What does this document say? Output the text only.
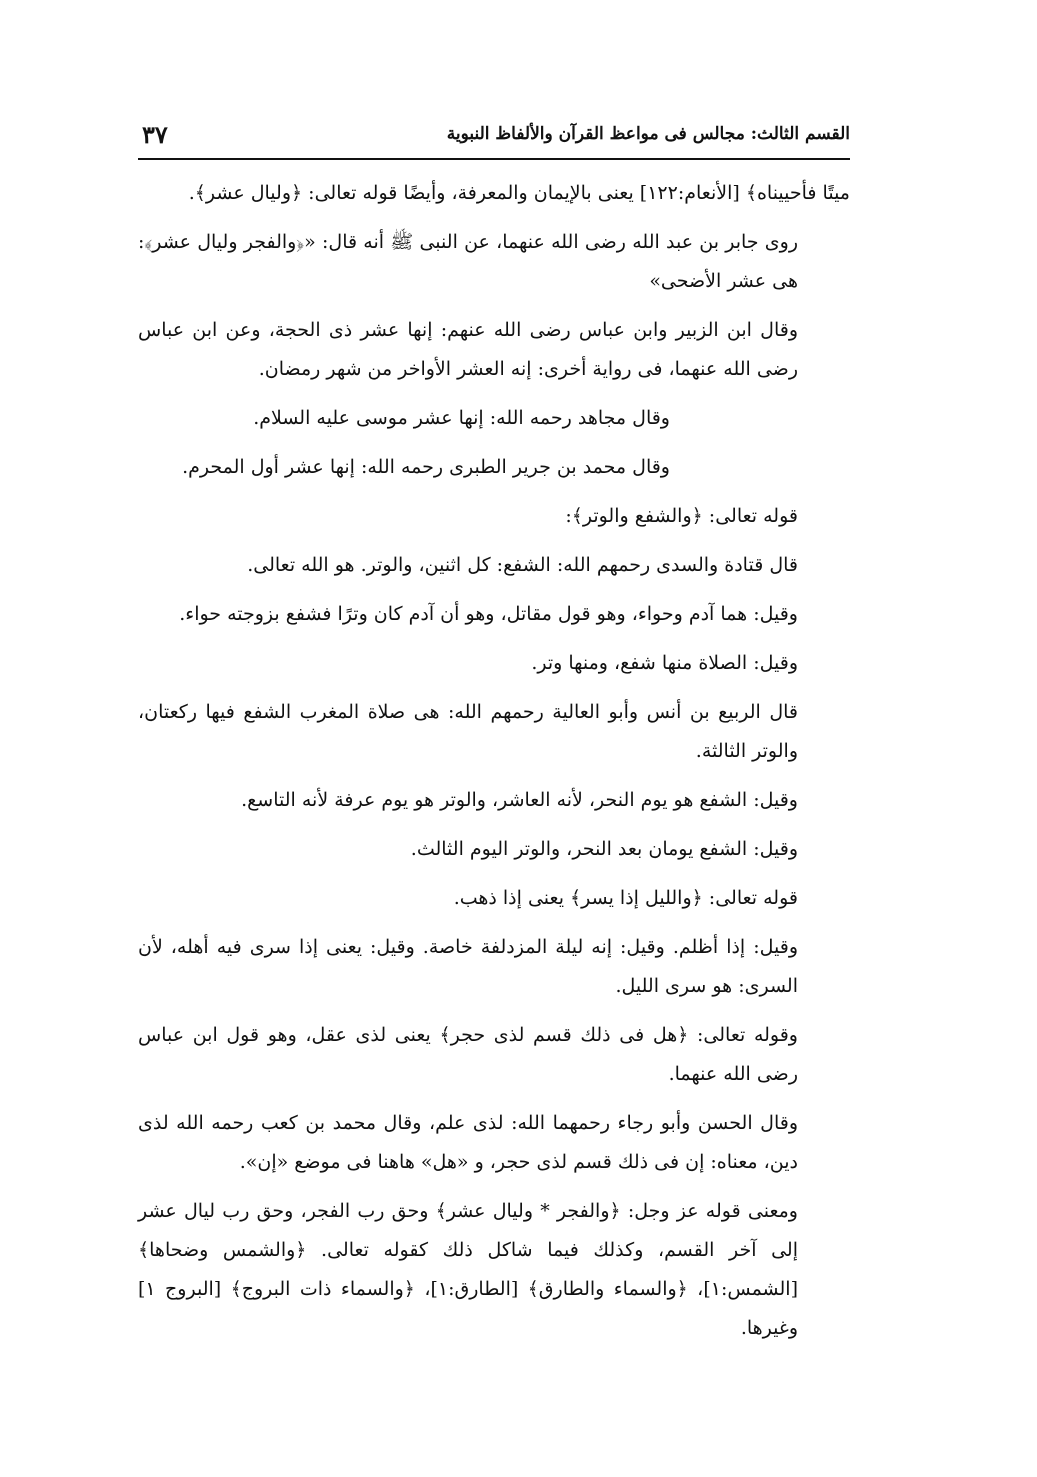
القسم الثالث: مجالس فى مواعظ القرآن والألفاظ النبوية
٣٧

ميتًا فأحييناه﴾ [الأنعام:١٢٢] يعنى بالإيمان والمعرفة، وأيضًا قوله تعالى: ﴿وليال عشر﴾.

روى جابر بن عبد الله رضى الله عنهما، عن النبى ﷺ أنه قال: «﴿والفجر وليال عشر﴾: هى عشر الأضحى»

وقال ابن الزبير وابن عباس رضى الله عنهم: إنها عشر ذى الحجة، وعن ابن عباس رضى الله عنهما، فى رواية أخرى: إنه العشر الأواخر من شهر رمضان.

وقال مجاهد رحمه الله: إنها عشر موسى عليه السلام.

وقال محمد بن جرير الطبرى رحمه الله: إنها عشر أول المحرم.

قوله تعالى: ﴿والشفع والوتر﴾:

قال قتادة والسدى رحمهم الله: الشفع: كل اثنين، والوتر. هو الله تعالى.

وقيل: هما آدم وحواء، وهو قول مقاتل، وهو أن آدم كان وترًا فشفع بزوجته حواء.

وقيل: الصلاة منها شفع، ومنها وتر.

قال الربيع بن أنس وأبو العالية رحمهم الله: هى صلاة المغرب الشفع فيها ركعتان، والوتر الثالثة.

وقيل: الشفع هو يوم النحر، لأنه العاشر، والوتر هو يوم عرفة لأنه التاسع.

وقيل: الشفع يومان بعد النحر، والوتر اليوم الثالث.

قوله تعالى: ﴿والليل إذا يسر﴾ يعنى إذا ذهب.

وقيل: إذا أظلم. وقيل: إنه ليلة المزدلفة خاصة. وقيل: يعنى إذا سرى فيه أهله، لأن السرى: هو سرى الليل.

وقوله تعالى: ﴿هل فى ذلك قسم لذى حجر﴾ يعنى لذى عقل، وهو قول ابن عباس رضى الله عنهما.

وقال الحسن وأبو رجاء رحمهما الله: لذى علم، وقال محمد بن كعب رحمه الله لذى دين، معناه: إن فى ذلك قسم لذى حجر، و «هل» هاهنا فى موضع «إن».

ومعنى قوله عز وجل: ﴿والفجر * وليال عشر﴾ وحق رب الفجر، وحق رب ليال عشر إلى آخر القسم، وكذلك فيما شاكل ذلك كقوله تعالى. ﴿والشمس وضحاها﴾ [الشمس:١]، ﴿والسماء والطارق﴾ [الطارق:١]، ﴿والسماء ذات البروج﴾ [البروج ١] وغيرها.
